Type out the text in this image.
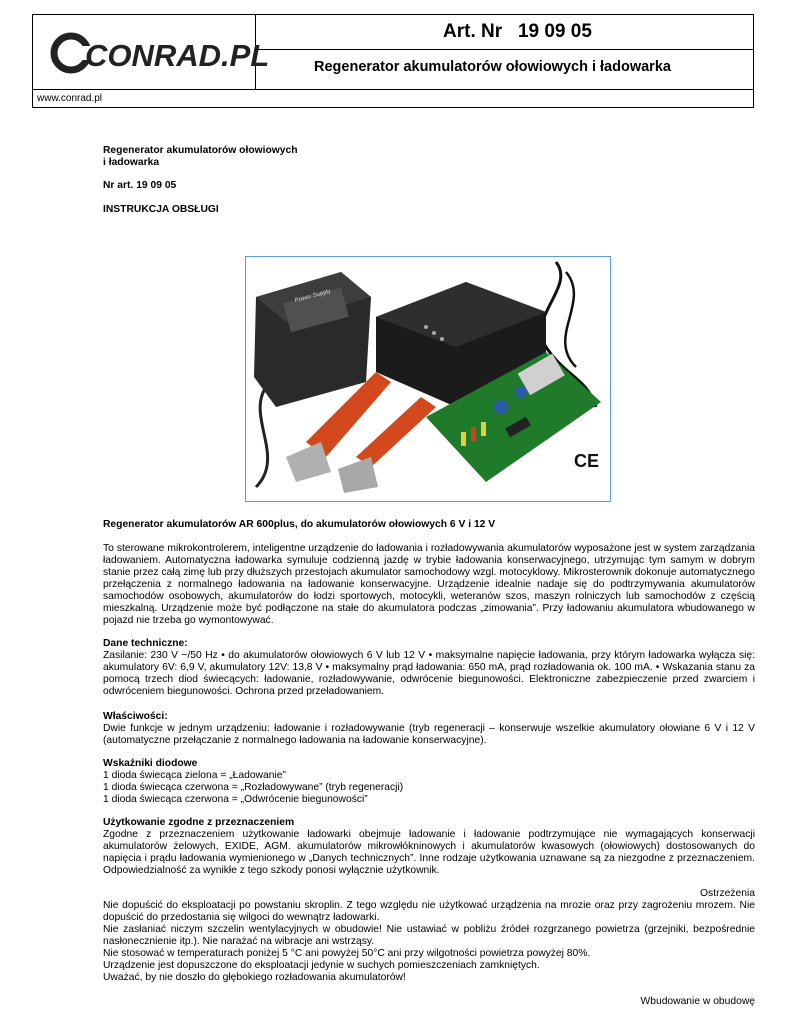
CONRAD.PL
Art. Nr   19 09 05
Regenerator akumulatorów ołowiowych i ładowarka
www.conrad.pl
Regenerator akumulatorów ołowiowych
i ładowarka
Nr art. 19 09 05
INSTRUKCJA OBSŁUGI
Power Supply
CE
Regenerator akumulatorów AR 600plus, do akumulatorów ołowiowych 6 V i 12 V

To sterowane mikrokontrolerem, inteligentne urządzenie do ładowania i rozładowywania akumulatorów wyposażone jest w system zarządzania ładowaniem. Automatyczna ładowarka symuluje codzienną jazdę w trybie ładowania konserwacyjnego, utrzymując tym samym w dobrym stanie przez całą zimę lub przy dłuższych przestojach akumulator samochodowy wzgl. motocyklowy. Mikrosterownik dokonuje automatycznego przełączenia z normalnego ładowania na ładowanie konserwacyjne. Urządzenie idealnie nadaje się do podtrzymywania akumulatorów samochodów osobowych, akumulatorów do łodzi sportowych, motocykli, weteranów szos, maszyn rolniczych lub samochodów z częścią mieszkalną. Urządzenie może być podłączone na stałe do akumulatora podczas „zimowania”. Przy ładowaniu akumulatora wbudowanego w pojazd nie trzeba go wymontowywać.

Dane techniczne:

Zasilanie: 230 V ~/50 Hz • do akumulatorów ołowiowych 6 V lub 12 V • maksymalne napięcie ładowania, przy którym ładowarka wyłącza się: akumulatory 6V: 6,9 V, akumulatory 12V: 13,8 V • maksymalny prąd ładowania: 650 mA, prąd rozładowania ok. 100 mA. • Wskazania stanu za pomocą trzech diod świecących: ładowanie, rozładowywanie, odwrócenie biegunowości. Elektroniczne zabezpieczenie przed zwarciem i odwróceniem biegunowości. Ochrona przed przeładowaniem.

Właściwości:

Dwie funkcje w jednym urządzeniu: ładowanie i rozładowywanie (tryb regeneracji – konserwuje wszelkie akumulatory ołowiane 6 V i 12 V (automatyczne przełączanie z normalnego ładowania na ładowanie konserwacyjne).

Wskaźniki diodowe
1 dioda świecąca zielona = „Ładowanie”
1 dioda świecąca czerwona = „Rozładowywane” (tryb regeneracji)
1 dioda świecąca czerwona = „Odwrócenie biegunowości”
Użytkowanie zgodne z przeznaczeniem

Zgodne z przeznaczeniem użytkowanie ładowarki obejmuje ładowanie i ładowanie podtrzymujące nie wymagających konserwacji akumulatorów żelowych, EXIDE, AGM. akumulatorów mikrowłókninowych i akumulatorów kwasowych (ołowiowych) dostosowanych do napięcia i prądu ładowania wymienionego w „Danych technicznych”. Inne rodzaje użytkowania uznawane są za niezgodne z przeznaczeniem. Odpowiedzialność za wynikłe z tego szkody ponosi wyłącznie użytkownik.

Ostrzeżenia

Nie dopuścić do eksploatacji po powstaniu skroplin. Z tego względu nie użytkować urządzenia na mrozie oraz przy zagrożeniu mrozem. Nie dopuścić do przedostania się wilgoci do wewnątrz ładowarki.

Nie zasłaniać niczym szczelin wentylacyjnych w obudowie! Nie ustawiać w pobliżu źródeł rozgrzanego powietrza (grzejniki, bezpośrednie nasłonecznienie itp.). Nie narażać na wibracje ani wstrząsy.

Nie stosować w temperaturach poniżej 5 °C ani powyżej 50°C ani przy wilgotności powietrza powyżej 80%.

Urządzenie jest dopuszczone do eksploatacji jedynie w suchych pomieszczeniach zamkniętych.

Uważać, by nie doszło do głębokiego rozładowania akumulatorów!

Wbudowanie w obudowę
